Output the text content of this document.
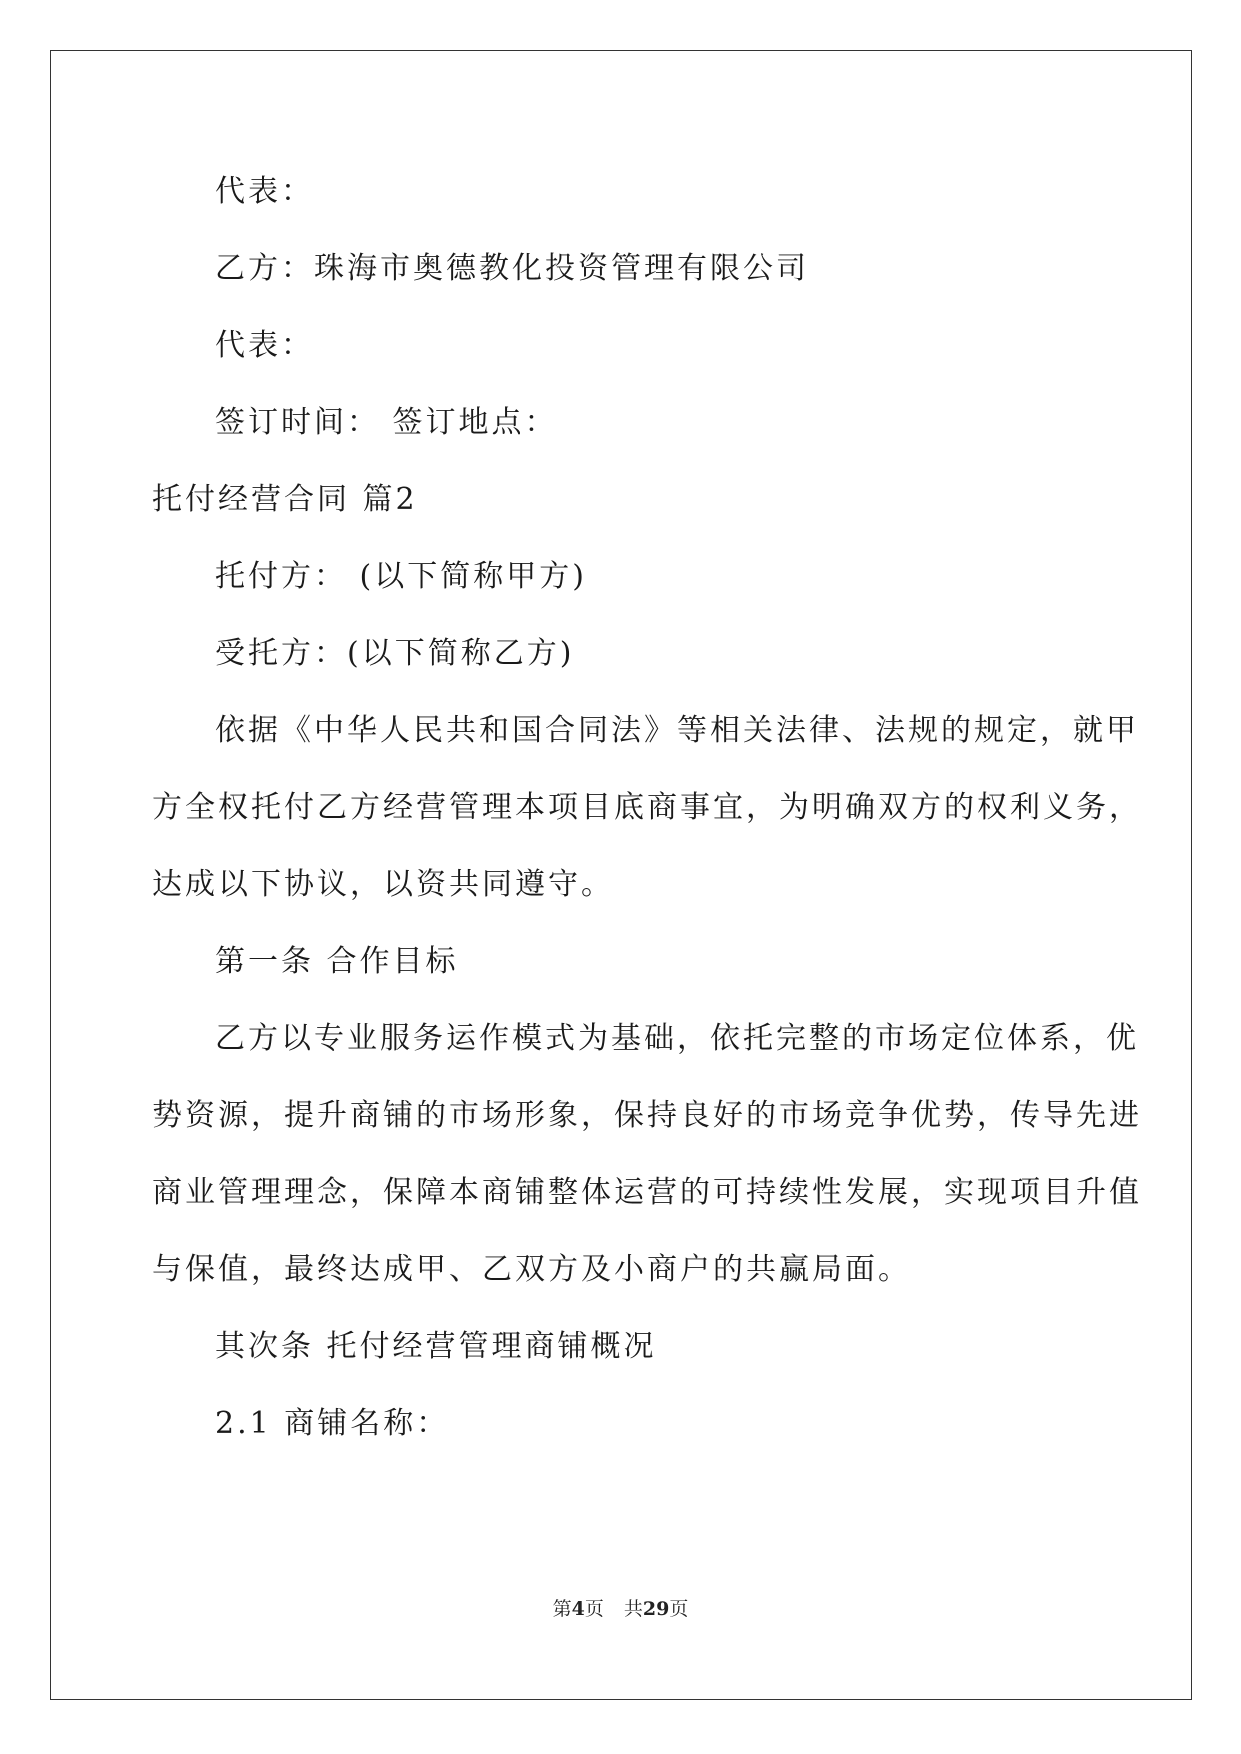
代表：
乙方：珠海市奥德教化投资管理有限公司
代表：
签订时间： 签订地点：
托付经营合同 篇2
托付方： (以下简称甲方)
受托方：(以下简称乙方)
依据《中华人民共和国合同法》等相关法律、法规的规定，就甲
方全权托付乙方经营管理本项目底商事宜，为明确双方的权利义务，
达成以下协议，以资共同遵守。
第一条 合作目标
乙方以专业服务运作模式为基础，依托完整的市场定位体系，优
势资源，提升商铺的市场形象，保持良好的市场竞争优势，传导先进
商业管理理念，保障本商铺整体运营的可持续性发展，实现项目升值
与保值，最终达成甲、乙双方及小商户的共赢局面。
其次条 托付经营管理商铺概况
2.1 商铺名称：
第4页 共29页
